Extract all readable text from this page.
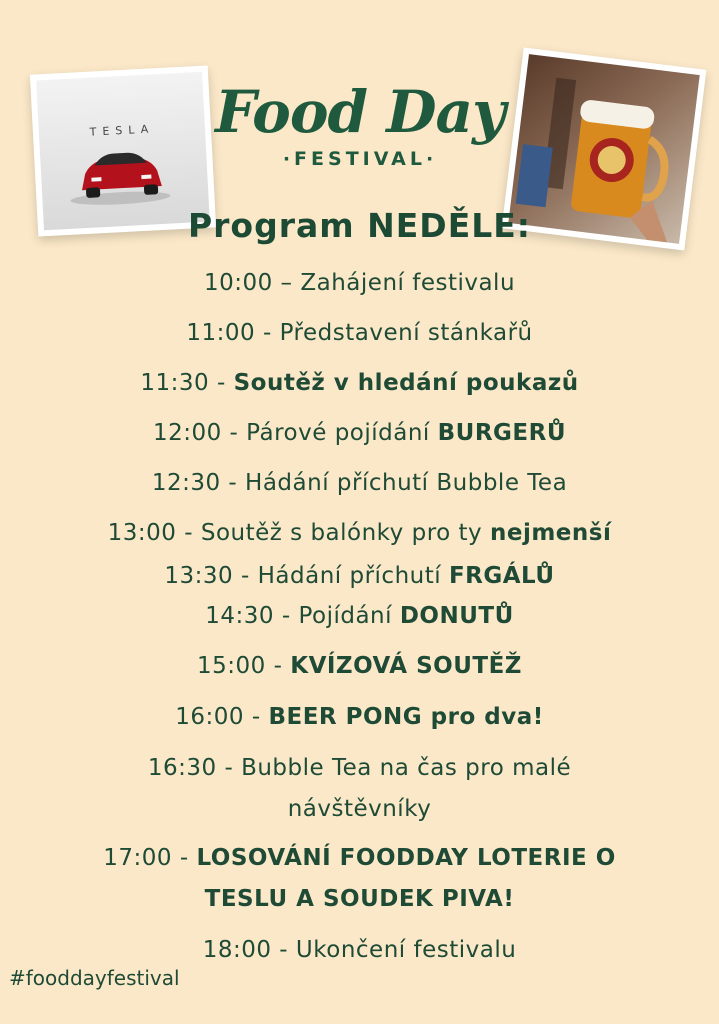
TESLA	Food Day
·FESTIVAL·
Program NEDĚLE:
10:00 – Zahájení festivalu
11:00 - Představení stánkařů
11:30 - Soutěž v hledání poukazů
12:00 - Párové pojídání BURGERŮ
12:30 - Hádání příchutí Bubble Tea
13:00 - Soutěž s balónky pro ty nejmenší
13:30 - Hádání příchutí FRGÁLŮ
14:30 - Pojídání DONUTŮ
15:00 - KVÍZOVÁ SOUTĚŽ
16:00 - BEER PONG pro dva!
16:30 - Bubble Tea na čas pro malé
návštěvníky
17:00 - LOSOVÁNÍ FOODDAY LOTERIE O
TESLU A SOUDEK PIVA!
18:00 - Ukončení festivalu
#fooddayfestival
